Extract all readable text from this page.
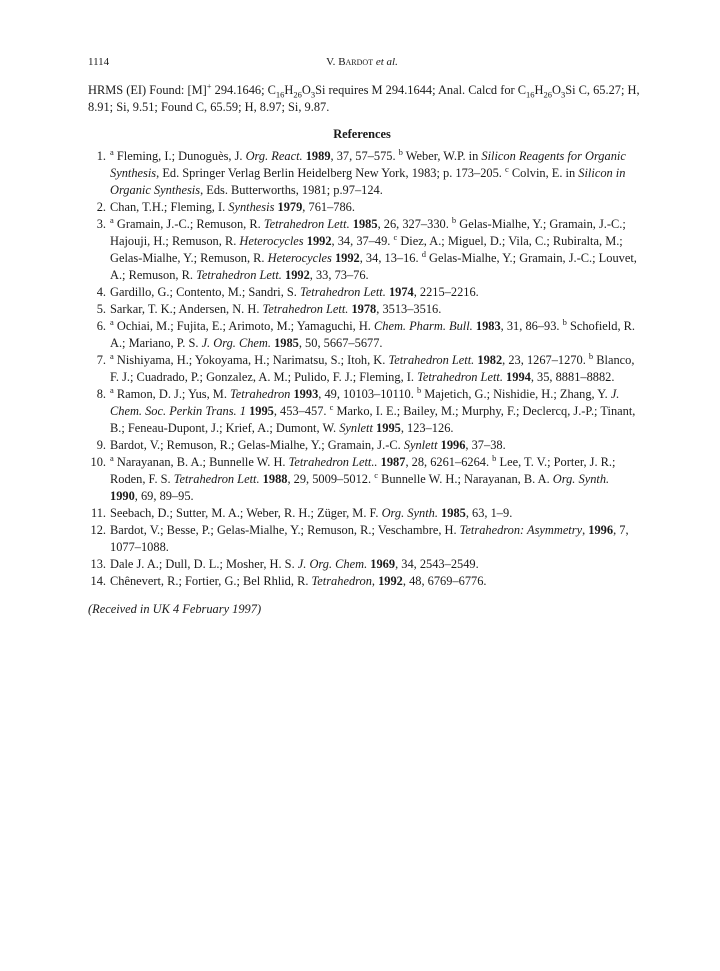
1114	V. Bardot et al.
HRMS (EI) Found: [M]+ 294.1646; $C_{16}H_{26}O_3Si$ requires M 294.1644; Anal. Calcd for $C_{16}H_{26}O_3Si$ C, 65.27; H, 8.91; Si, 9.51; Found C, 65.59; H, 8.97; Si, 9.87.
References
1. $^a$ Fleming, I.; Dunoguès, J. Org. React. 1989, 37, 57–575. $^b$ Weber, W.P. in Silicon Reagents for Organic Synthesis, Ed. Springer Verlag Berlin Heidelberg New York, 1983; p. 173–205. $^c$ Colvin, E. in Silicon in Organic Synthesis, Eds. Butterworths, 1981; p.97–124.
2. Chan, T.H.; Fleming, I. Synthesis 1979, 761–786.
3. $^a$ Gramain, J.-C.; Remuson, R. Tetrahedron Lett. 1985, 26, 327–330. $^b$ Gelas-Mialhe, Y.; Gramain, J.-C.; Hajouji, H.; Remuson, R. Heterocycles 1992, 34, 37–49. $^c$ Diez, A.; Miguel, D.; Vila, C.; Rubiralta, M.; Gelas-Mialhe, Y.; Remuson, R. Heterocycles 1992, 34, 13–16. $^d$ Gelas-Mialhe, Y.; Gramain, J.-C.; Louvet, A.; Remuson, R. Tetrahedron Lett. 1992, 33, 73–76.
4. Gardillo, G.; Contento, M.; Sandri, S. Tetrahedron Lett. 1974, 2215–2216.
5. Sarkar, T. K.; Andersen, N. H. Tetrahedron Lett. 1978, 3513–3516.
6. $^a$ Ochiai, M.; Fujita, E.; Arimoto, M.; Yamaguchi, H. Chem. Pharm. Bull. 1983, 31, 86–93. $^b$ Schofield, R. A.; Mariano, P. S. J. Org. Chem. 1985, 50, 5667–5677.
7. $^a$ Nishiyama, H.; Yokoyama, H.; Narimatsu, S.; Itoh, K. Tetrahedron Lett. 1982, 23, 1267–1270. $^b$ Blanco, F. J.; Cuadrado, P.; Gonzalez, A. M.; Pulido, F. J.; Fleming, I. Tetrahedron Lett. 1994, 35, 8881–8882.
8. $^a$ Ramon, D. J.; Yus, M. Tetrahedron 1993, 49, 10103–10110. $^b$ Majetich, G.; Nishidie, H.; Zhang, Y. J. Chem. Soc. Perkin Trans. 1 1995, 453–457. $^c$ Marko, I. E.; Bailey, M.; Murphy, F.; Declercq, J.-P.; Tinant, B.; Feneau-Dupont, J.; Krief, A.; Dumont, W. Synlett 1995, 123–126.
9. Bardot, V.; Remuson, R.; Gelas-Mialhe, Y.; Gramain, J.-C. Synlett 1996, 37–38.
10. $^a$ Narayanan, B. A.; Bunnelle W. H. Tetrahedron Lett.. 1987, 28, 6261–6264. $^b$ Lee, T. V.; Porter, J. R.; Roden, F. S. Tetrahedron Lett. 1988, 29, 5009–5012. $^c$ Bunnelle W. H.; Narayanan, B. A. Org. Synth. 1990, 69, 89–95.
11. Seebach, D.; Sutter, M. A.; Weber, R. H.; Züger, M. F. Org. Synth. 1985, 63, 1–9.
12. Bardot, V.; Besse, P.; Gelas-Mialhe, Y.; Remuson, R.; Veschambre, H. Tetrahedron: Asymmetry, 1996, 7, 1077–1088.
13. Dale J. A.; Dull, D. L.; Mosher, H. S. J. Org. Chem. 1969, 34, 2543–2549.
14. Chênevert, R.; Fortier, G.; Bel Rhlid, R. Tetrahedron, 1992, 48, 6769–6776.
(Received in UK 4 February 1997)
